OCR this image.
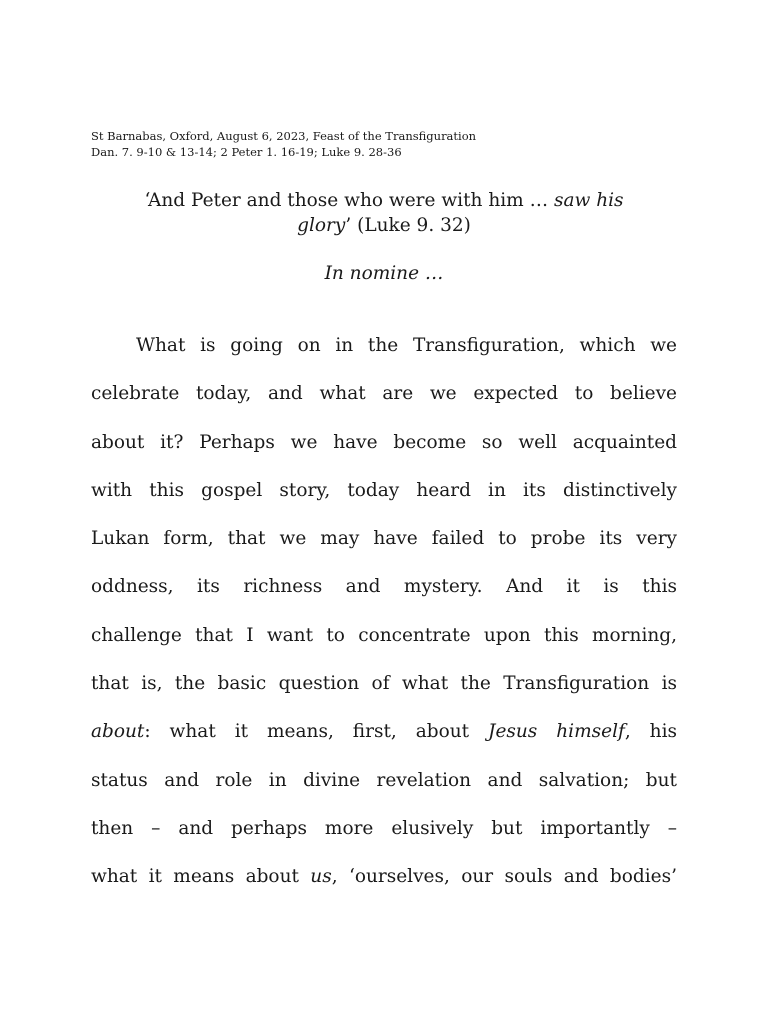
St Barnabas, Oxford, August 6, 2023, Feast of the Transfiguration
Dan. 7. 9-10 & 13-14; 2 Peter 1. 16-19; Luke 9. 28-36
‘And Peter and those who were with him … saw his
glory’ (Luke 9. 32)
In nomine …
What is going on in the Transfiguration, which we
celebrate today, and what are we expected to believe
about it? Perhaps we have become so well acquainted
with this gospel story, today heard in its distinctively
Lukan form, that we may have failed to probe its very
oddness, its richness and mystery. And it is this
challenge that I want to concentrate upon this morning,
that is, the basic question of what the Transfiguration is
about: what it means, first, about Jesus himself, his
status and role in divine revelation and salvation; but
then – and perhaps more elusively but importantly –
what it means about us, ‘ourselves, our souls and bodies’
